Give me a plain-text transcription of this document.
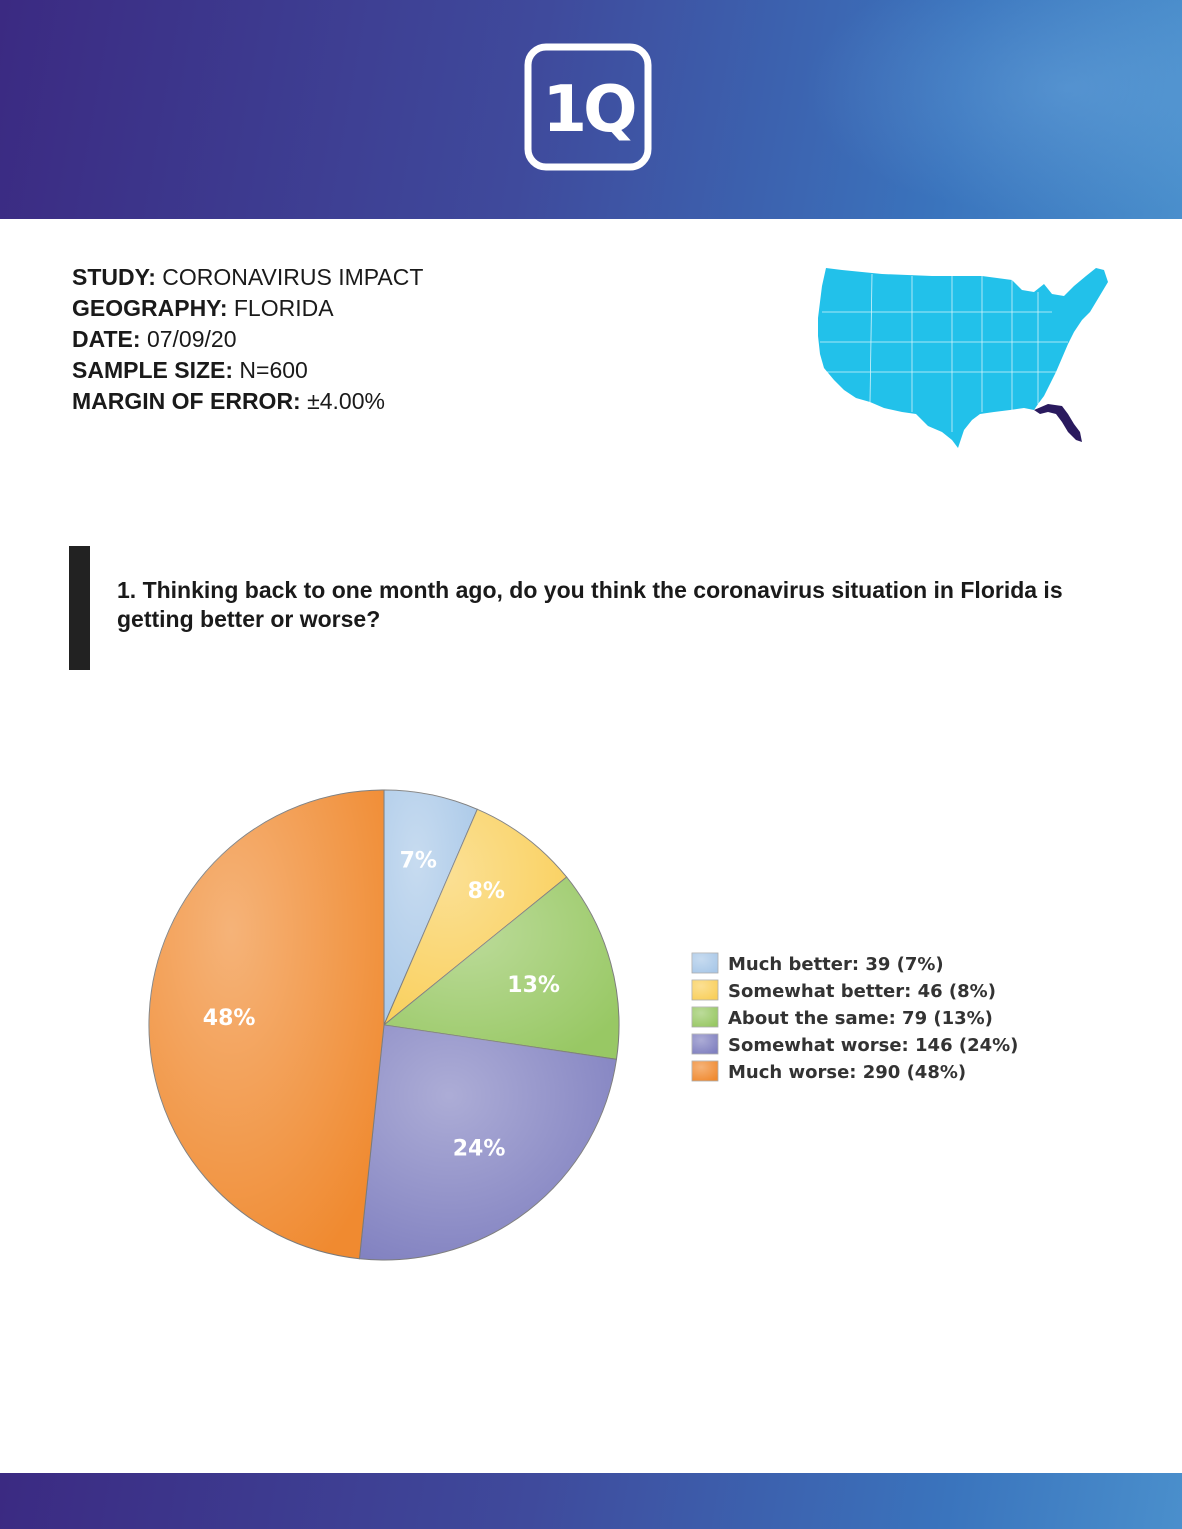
1Q
STUDY: CORONAVIRUS IMPACT
GEOGRAPHY: FLORIDA
DATE: 07/09/20
SAMPLE SIZE: N=600
MARGIN OF ERROR: ±4.00%
1. Thinking back to one month ago, do you think the coronavirus situation in Florida is getting better or worse?
7%
8%
13%
24%
48%
Much better: 39 (7%)
Somewhat better: 46 (8%)
About the same: 79 (13%)
Somewhat worse: 146 (24%)
Much worse: 290 (48%)
